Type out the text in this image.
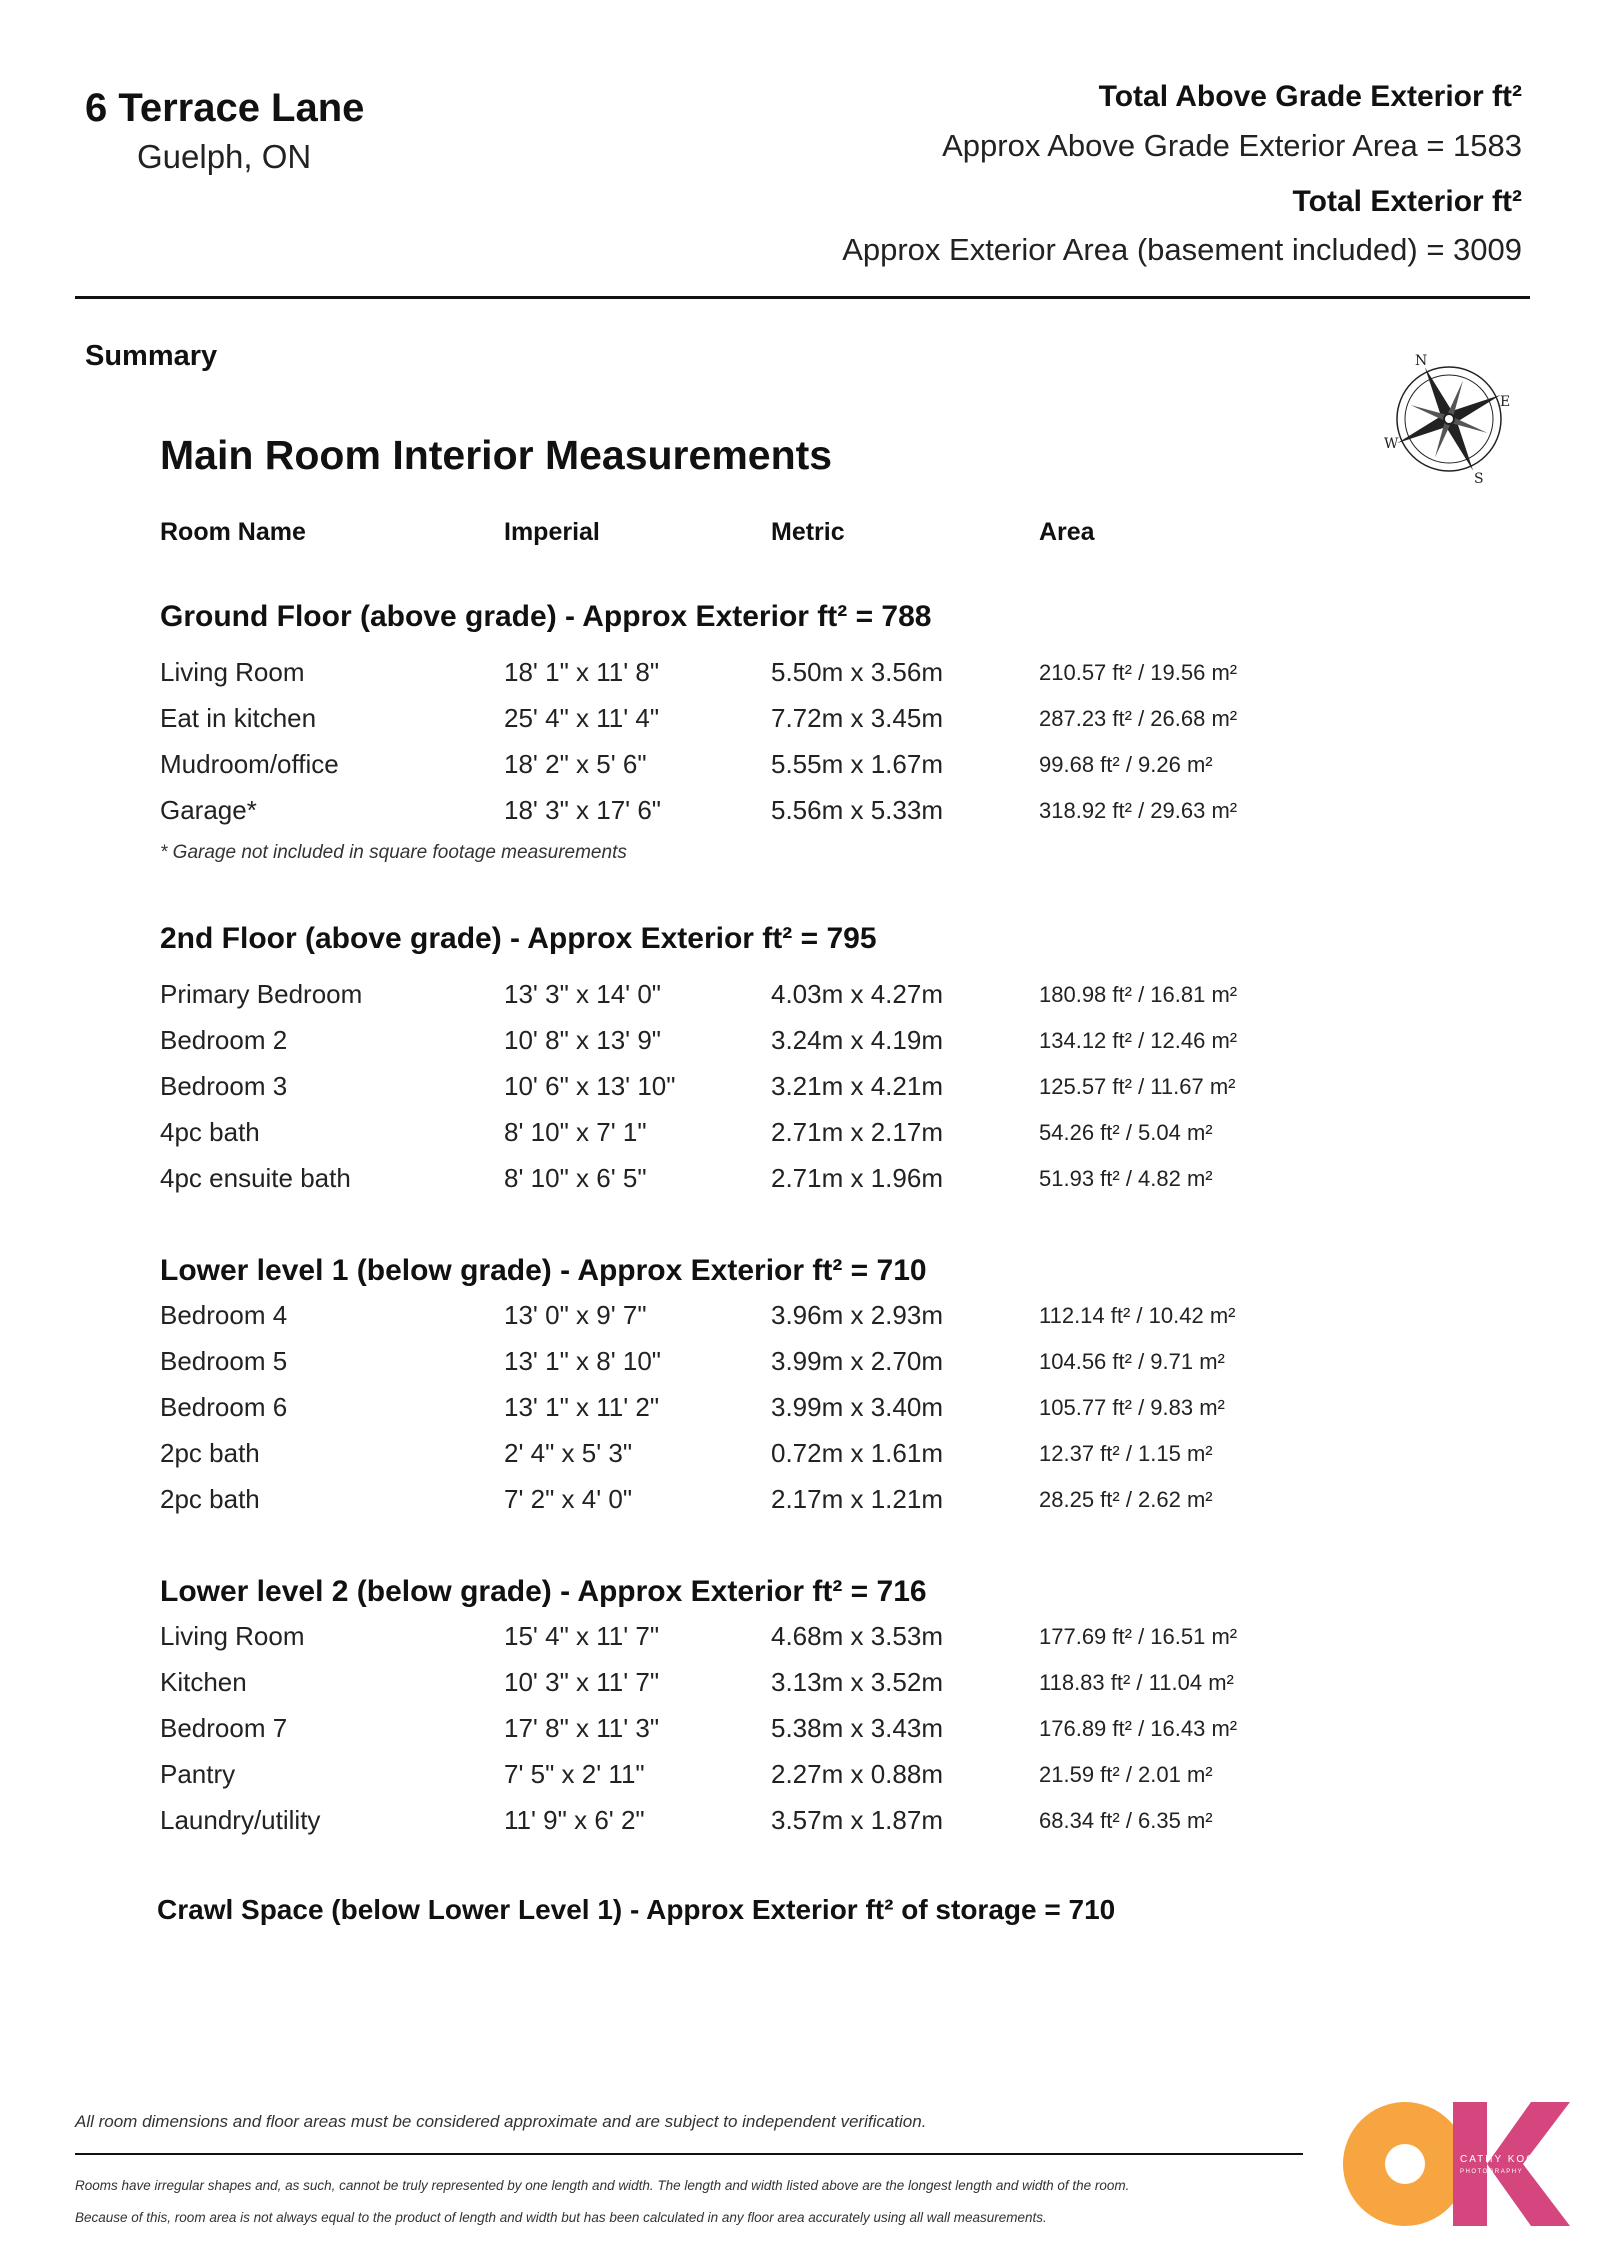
6 Terrace Lane
Guelph, ON
Total Above Grade Exterior ft²
Approx Above Grade Exterior Area = 1583
Total Exterior ft²
Approx Exterior Area (basement included) = 3009
Summary	N
E
S
W
Main Room Interior Measurements
Room Name	Imperial	Metric	Area
Ground Floor (above grade) - Approx Exterior ft² = 788
Living Room	18' 1" x 11' 8"	5.50m x 3.56m	210.57 ft² / 19.56 m²
Eat in kitchen	25' 4" x 11' 4"	7.72m x 3.45m	287.23 ft² / 26.68 m²
Mudroom/office	18' 2" x 5' 6"	5.55m x 1.67m	99.68 ft² / 9.26 m²
Garage*	18' 3" x 17' 6"	5.56m x 5.33m	318.92 ft² / 29.63 m²
* Garage not included in square footage measurements
2nd Floor (above grade) - Approx Exterior ft² = 795
Primary Bedroom	13' 3" x 14' 0"	4.03m x 4.27m	180.98 ft² / 16.81 m²
Bedroom 2	10' 8" x 13' 9"	3.24m x 4.19m	134.12 ft² / 12.46 m²
Bedroom 3	10' 6" x 13' 10"	3.21m x 4.21m	125.57 ft² / 11.67 m²
4pc bath	8' 10" x 7' 1"	2.71m x 2.17m	54.26 ft² / 5.04 m²
4pc ensuite bath	8' 10" x 6' 5"	2.71m x 1.96m	51.93 ft² / 4.82 m²
Lower level 1 (below grade) - Approx Exterior ft² = 710
Bedroom 4	13' 0" x 9' 7"	3.96m x 2.93m	112.14 ft² / 10.42 m²
Bedroom 5	13' 1" x 8' 10"	3.99m x 2.70m	104.56 ft² / 9.71 m²
Bedroom 6	13' 1" x 11' 2"	3.99m x 3.40m	105.77 ft² / 9.83 m²
2pc bath	2' 4" x 5' 3"	0.72m x 1.61m	12.37 ft² / 1.15 m²
2pc bath	7' 2" x 4' 0"	2.17m x 1.21m	28.25 ft² / 2.62 m²
Lower level 2 (below grade) - Approx Exterior ft² = 716
Living Room	15' 4" x 11' 7"	4.68m x 3.53m	177.69 ft² / 16.51 m²
Kitchen	10' 3" x 11' 7"	3.13m x 3.52m	118.83 ft² / 11.04 m²
Bedroom 7	17' 8" x 11' 3"	5.38m x 3.43m	176.89 ft² / 16.43 m²
Pantry	7' 5" x 2' 11"	2.27m x 0.88m	21.59 ft² / 2.01 m²
Laundry/utility	11' 9" x 6' 2"	3.57m x 1.87m	68.34 ft² / 6.35 m²
Crawl Space (below Lower Level 1) - Approx Exterior ft² of storage = 710
All room dimensions and floor areas must be considered approximate and are subject to independent verification.
Rooms have irregular shapes and, as such, cannot be truly represented by one length and width. The length and width listed above are the longest length and width of the room.
Because of this, room area is not always equal to the product of length and width but has been calculated in any floor area accurately using all wall measurements.
CATHY KOOP
PHOTOGRAPHY
